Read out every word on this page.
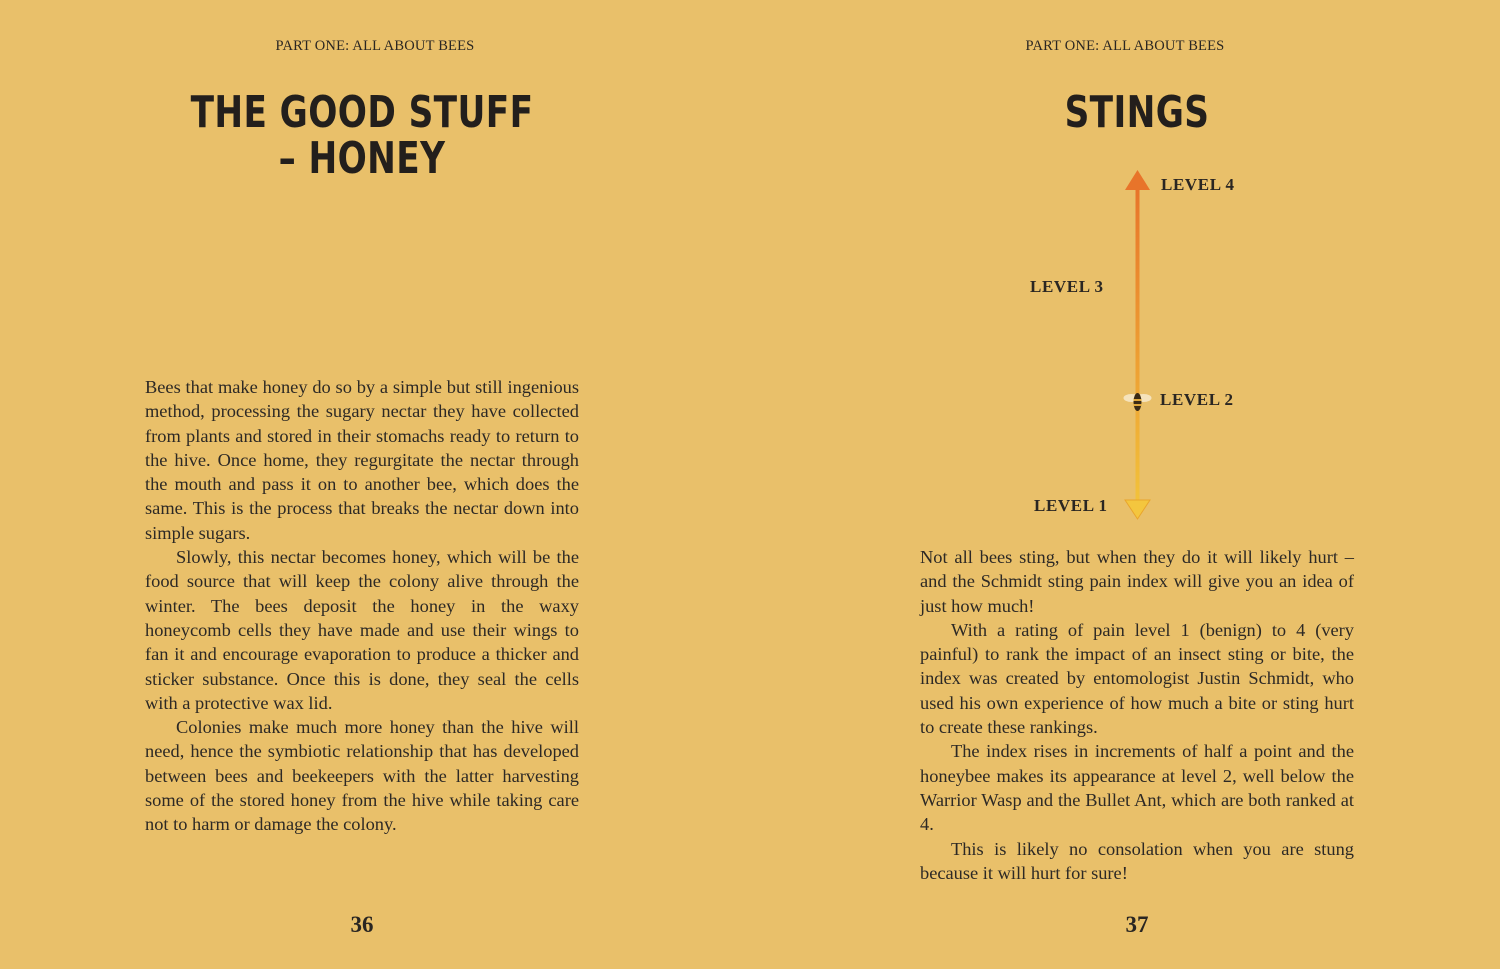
PART ONE: ALL ABOUT BEES
THE GOOD STUFF
– HONEY

Bees that make honey do so by a simple but still ingenious method, processing the sugary nectar they have collected from plants and stored in their stomachs ready to return to the hive. Once home, they regurgitate the nectar through the mouth and pass it on to another bee, which does the same. This is the process that breaks the nectar down into simple sugars.

Slowly, this nectar becomes honey, which will be the food source that will keep the colony alive through the winter. The bees deposit the honey in the waxy honeycomb cells they have made and use their wings to fan it and encourage evaporation to produce a thicker and sticker substance. Once this is done, they seal the cells with a protective wax lid.

Colonies make much more honey than the hive will need, hence the symbiotic relationship that has developed between bees and beekeepers with the latter harvesting some of the stored honey from the hive while taking care not to harm or damage the colony.

36
PART ONE: ALL ABOUT BEES
STINGS
LEVEL 4
LEVEL 3
LEVEL 2
LEVEL 1

Not all bees sting, but when they do it will likely hurt – and the Schmidt sting pain index will give you an idea of just how much!

With a rating of pain level 1 (benign) to 4 (very painful) to rank the impact of an insect sting or bite, the index was created by entomologist Justin Schmidt, who used his own experience of how much a bite or sting hurt to create these rankings.

The index rises in increments of half a point and the honeybee makes its appearance at level 2, well below the Warrior Wasp and the Bullet Ant, which are both ranked at 4.

This is likely no consolation when you are stung because it will hurt for sure!

37
